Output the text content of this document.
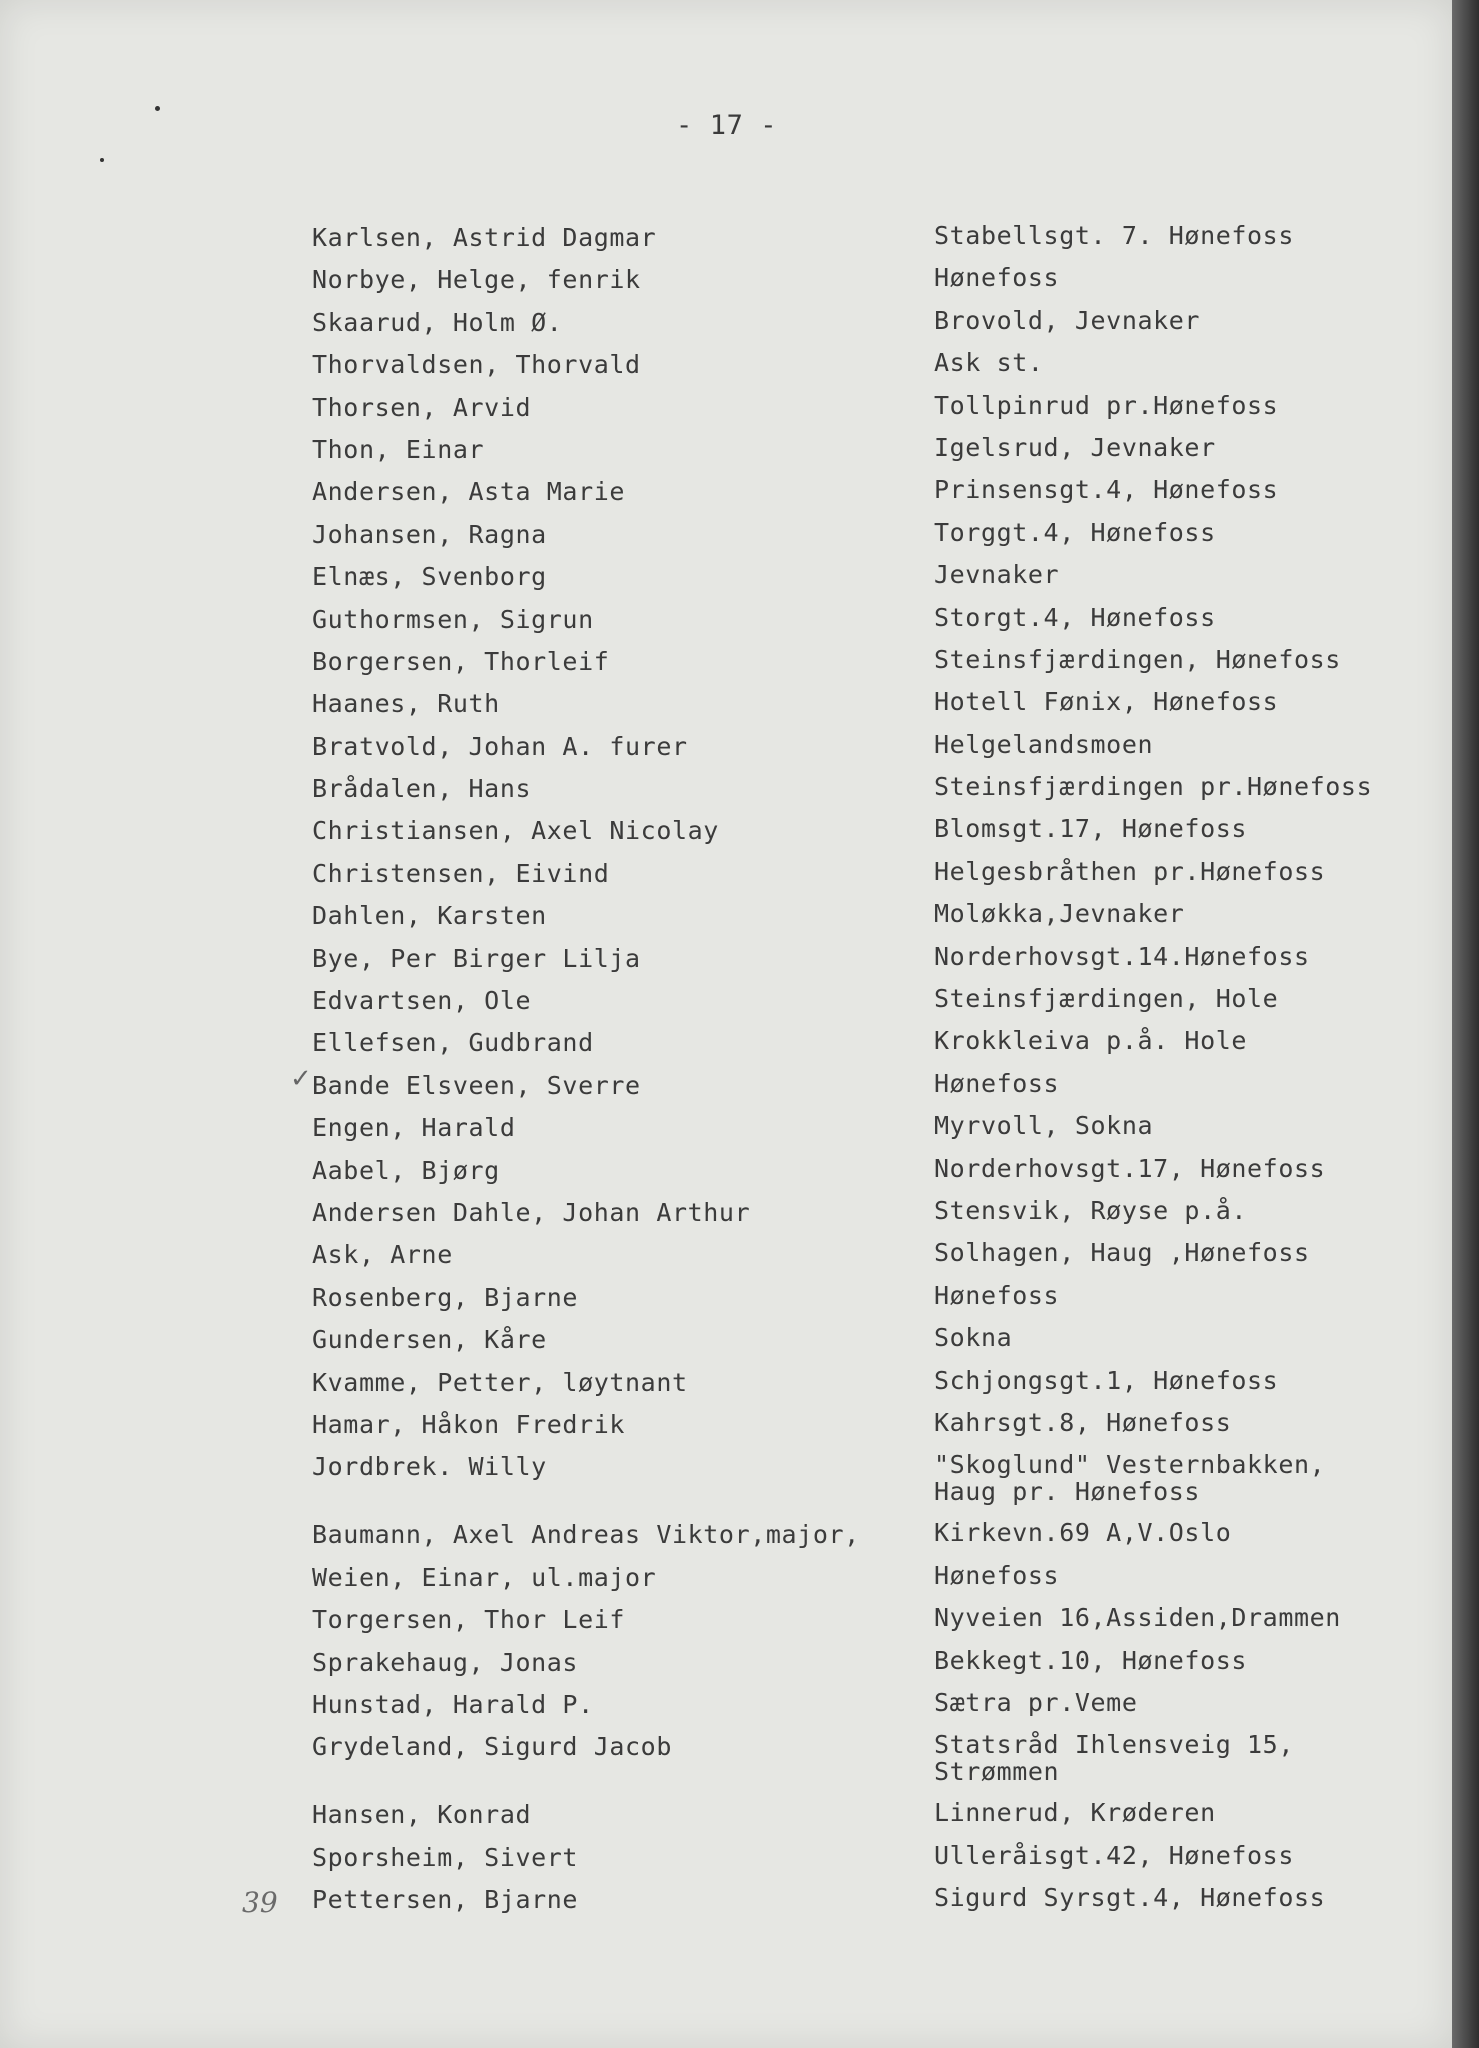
- 17 -
Karlsen, Astrid Dagmar	Stabellsgt. 7. Hønefoss
Norbye, Helge, fenrik	Hønefoss
Skaarud, Holm Ø.	Brovold, Jevnaker
Thorvaldsen, Thorvald	Ask st.
Thorsen, Arvid	Tollpinrud pr.Hønefoss
Thon, Einar	Igelsrud, Jevnaker
Andersen, Asta Marie	Prinsensgt.4, Hønefoss
Johansen, Ragna	Torggt.4, Hønefoss
Elnæs, Svenborg	Jevnaker
Guthormsen, Sigrun	Storgt.4, Hønefoss
Borgersen, Thorleif	Steinsfjærdingen, Hønefoss
Haanes, Ruth	Hotell Fønix, Hønefoss
Bratvold, Johan A. furer	Helgelandsmoen
Brådalen, Hans	Steinsfjærdingen pr.Hønefoss
Christiansen, Axel Nicolay	Blomsgt.17, Hønefoss
Christensen, Eivind	Helgesbråthen pr.Hønefoss
Dahlen, Karsten	Moløkka,Jevnaker
Bye, Per Birger Lilja	Norderhovsgt.14.Hønefoss
Edvartsen, Ole	Steinsfjærdingen, Hole
Ellefsen, Gudbrand	Krokkleiva p.å. Hole
Bande Elsveen, Sverre	Hønefoss
✓
Engen, Harald	Myrvoll, Sokna
Aabel, Bjørg	Norderhovsgt.17, Hønefoss
Andersen Dahle, Johan Arthur	Stensvik, Røyse p.å.
Ask, Arne	Solhagen, Haug ,Hønefoss
Rosenberg, Bjarne	Hønefoss
Gundersen, Kåre	Sokna
Kvamme, Petter, løytnant	Schjongsgt.1, Hønefoss
Hamar, Håkon Fredrik	Kahrsgt.8, Hønefoss
Jordbrek. Willy	"Skoglund" Vesternbakken,
Haug pr. Hønefoss
Baumann, Axel Andreas Viktor,major,	Kirkevn.69 A,V.Oslo
Weien, Einar, ul.major	Hønefoss
Torgersen, Thor Leif	Nyveien 16,Assiden,Drammen
Sprakehaug, Jonas	Bekkegt.10, Hønefoss
Hunstad, Harald P.	Sætra pr.Veme
Grydeland, Sigurd Jacob	Statsråd Ihlensveig 15,
Strømmen
Hansen, Konrad	Linnerud, Krøderen
Sporsheim, Sivert	Ulleråisgt.42, Hønefoss
Pettersen, Bjarne	Sigurd Syrsgt.4, Hønefoss
39
